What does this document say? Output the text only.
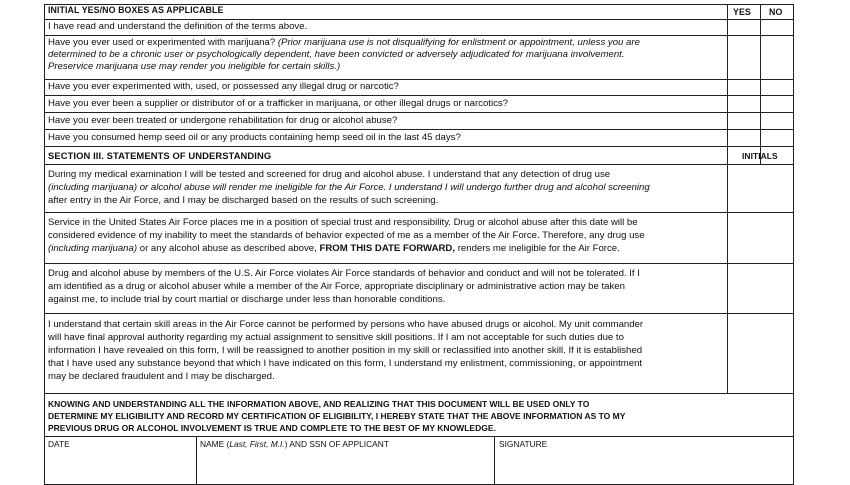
INITIAL YES/NO BOXES AS APPLICABLE	YES NO
I have read and understand the definition of the terms above.
Have you ever used or experimented with marijuana? (Prior marijuana use is not disqualifying for enlistment or appointment, unless you are
determined to be a chronic user or psychologically dependent, have been convicted or adversely adjudicated for marijuana involvement.
Preservice marijuana use may render you ineligible for certain skills.)
Have you ever experimented with, used, or possessed any illegal drug or narcotic?
Have you ever been a supplier or distributor of or a trafficker in marijuana, or other illegal drugs or narcotics?
Have you ever been treated or undergone rehabilitation for drug or alcohol abuse?
Have you consumed hemp seed oil or any products containing hemp seed oil in the last 45 days?
SECTION III. STATEMENTS OF UNDERSTANDING	INITIALS
During my medical examination I will be tested and screened for drug and alcohol abuse. I understand that any detection of drug use
(including marijuana) or alcohol abuse will render me ineligible for the Air Force. I understand I will undergo further drug and alcohol screening
after entry in the Air Force, and I may be discharged based on the results of such screening.
Service in the United States Air Force places me in a position of special trust and responsibility. Drug or alcohol abuse after this date will be
considered evidence of my inability to meet the standards of behavior expected of me as a member of the Air Force. Therefore, any drug use
(including marijuana) or any alcohol abuse as described above, FROM THIS DATE FORWARD, renders me ineligible for the Air Force.
Drug and alcohol abuse by members of the U.S. Air Force violates Air Force standards of behavior and conduct and will not be tolerated. If I
am identified as a drug or alcohol abuser while a member of the Air Force, appropriate disciplinary or administrative action may be taken
against me, to include trial by court martial or discharge under less than honorable conditions.
I understand that certain skill areas in the Air Force cannot be performed by persons who have abused drugs or alcohol. My unit commander
will have final approval authority regarding my actual assignment to sensitive skill positions. If I am not acceptable for such duties due to
information I have revealed on this form, I will be reassigned to another position in my skill or reclassified into another skill. If it is established
that I have used any substance beyond that which I have indicated on this form, I understand my enlistment, commissioning, or appointment
may be declared fraudulent and I may be discharged.
KNOWING AND UNDERSTANDING ALL THE INFORMATION ABOVE, AND REALIZING THAT THIS DOCUMENT WILL BE USED ONLY TO
DETERMINE MY ELIGIBILITY AND RECORD MY CERTIFICATION OF ELIGIBILITY, I HEREBY STATE THAT THE ABOVE INFORMATION AS TO MY
PREVIOUS DRUG OR ALCOHOL INVOLVEMENT IS TRUE AND COMPLETE TO THE BEST OF MY KNOWLEDGE.
DATE	NAME (Last, First, M.I.) AND SSN OF APPLICANT	SIGNATURE
